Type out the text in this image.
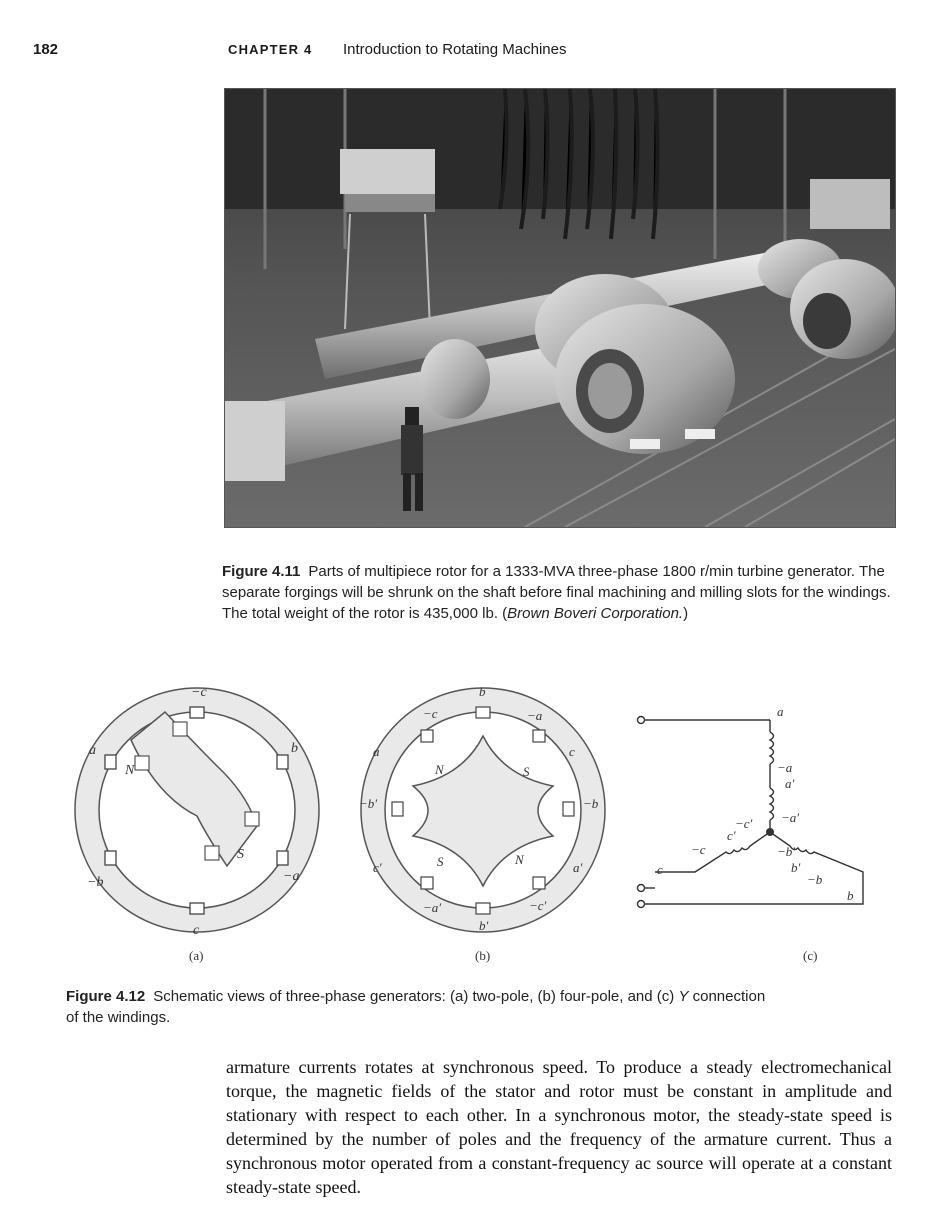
182	CHAPTER 4 Introduction to Rotating Machines
Figure 4.11 Parts of multipiece rotor for a 1333-MVA three-phase 1800 r/min turbine generator. The separate forgings will be shrunk on the shaft before final machining and milling slots for the windings. The total weight of the rotor is 435,000 lb. (Brown Boveri Corporation.)
−c
b
−a
c
−b
a
N
S
(a)
b
−a
c
−b
a′
−c′
b′
−a′
c′
−b′
a
−c
N	S
N
S
(b)
a
−a
a′
−a′
−c′
c′
−c
c
−b′
b′
−b
b
(c)
Figure 4.12 Schematic views of three-phase generators: (a) two-pole, (b) four-pole, and (c) Y connection of the windings.
armature currents rotates at synchronous speed. To produce a steady electromechanical torque, the magnetic fields of the stator and rotor must be constant in amplitude and stationary with respect to each other. In a synchronous motor, the steady-state speed is determined by the number of poles and the frequency of the armature current. Thus a synchronous motor operated from a constant-frequency ac source will operate at a constant steady-state speed.
